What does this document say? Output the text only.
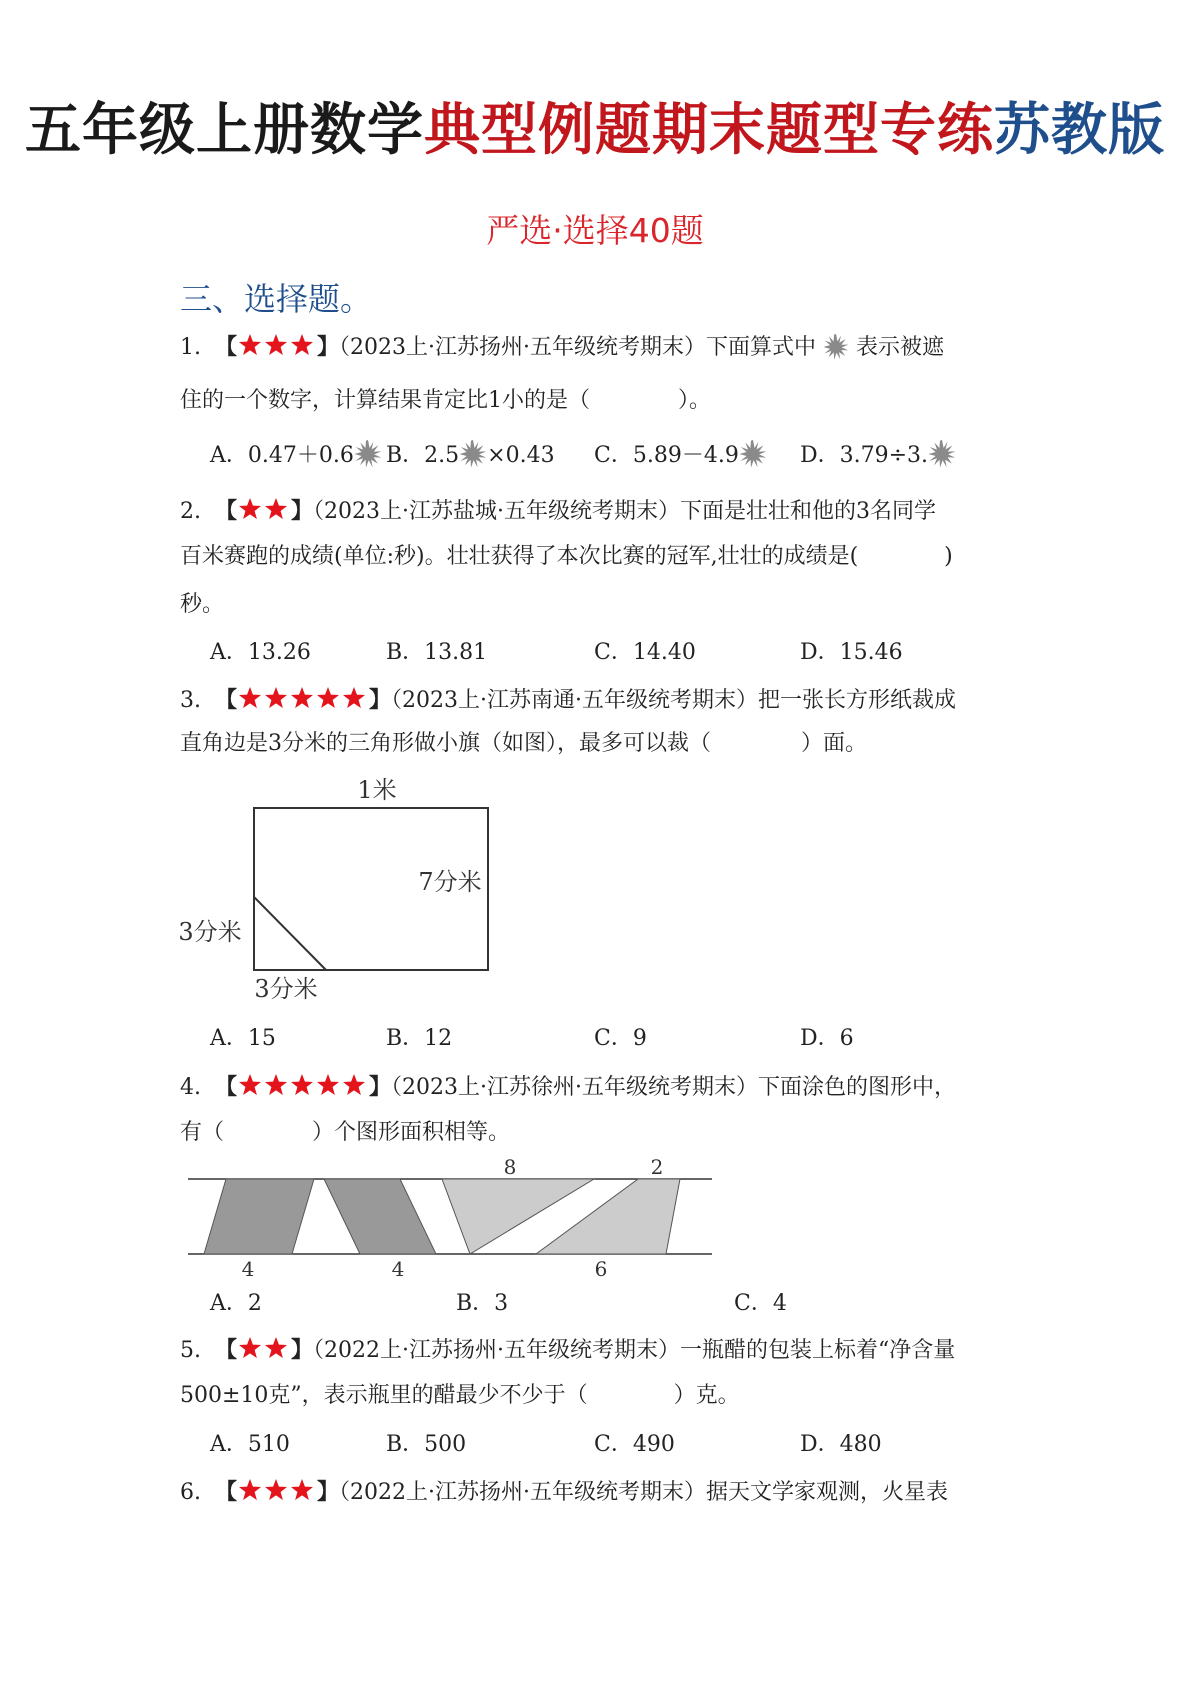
五年级上册数学典型例题期末题型专练苏教版
严选·选择40题
三、选择题。
1. 【	】（2023上·江苏扬州·五年级统考期末）下面算式中 表示被遮
住的一个数字，计算结果肯定比1小的是（	）。
A．0.47＋0.6	B．2.5 ×0.43 C．5.89－4.9	D．3.79÷3.
2. 【 】（2023上·江苏盐城·五年级统考期末）下面是壮壮和他的3名同学
百米赛跑的成绩(单位:秒)。壮壮获得了本次比赛的冠军,壮壮的成绩是(	)
秒。
A．13.26	B．13.81	C．14.40	D．15.46
3. 【	】（2023上·江苏南通·五年级统考期末）把一张长方形纸裁成
直角边是3分米的三角形做小旗（如图），最多可以裁（	）面。
1米
7分米
3分米
3分米
A．15	B．12	C．9	D．6
4. 【	】（2023上·江苏徐州·五年级统考期末）下面涂色的图形中，
有（	）个图形面积相等。
8	2
4	4	6
A．2	B．3	C．4
5. 【 】（2022上·江苏扬州·五年级统考期末）一瓶醋的包装上标着“净含量
500±10克”，表示瓶里的醋最少不少于（	）克。
A．510	B．500	C．490	D．480
6. 【	】（2022上·江苏扬州·五年级统考期末）据天文学家观测，火星表
